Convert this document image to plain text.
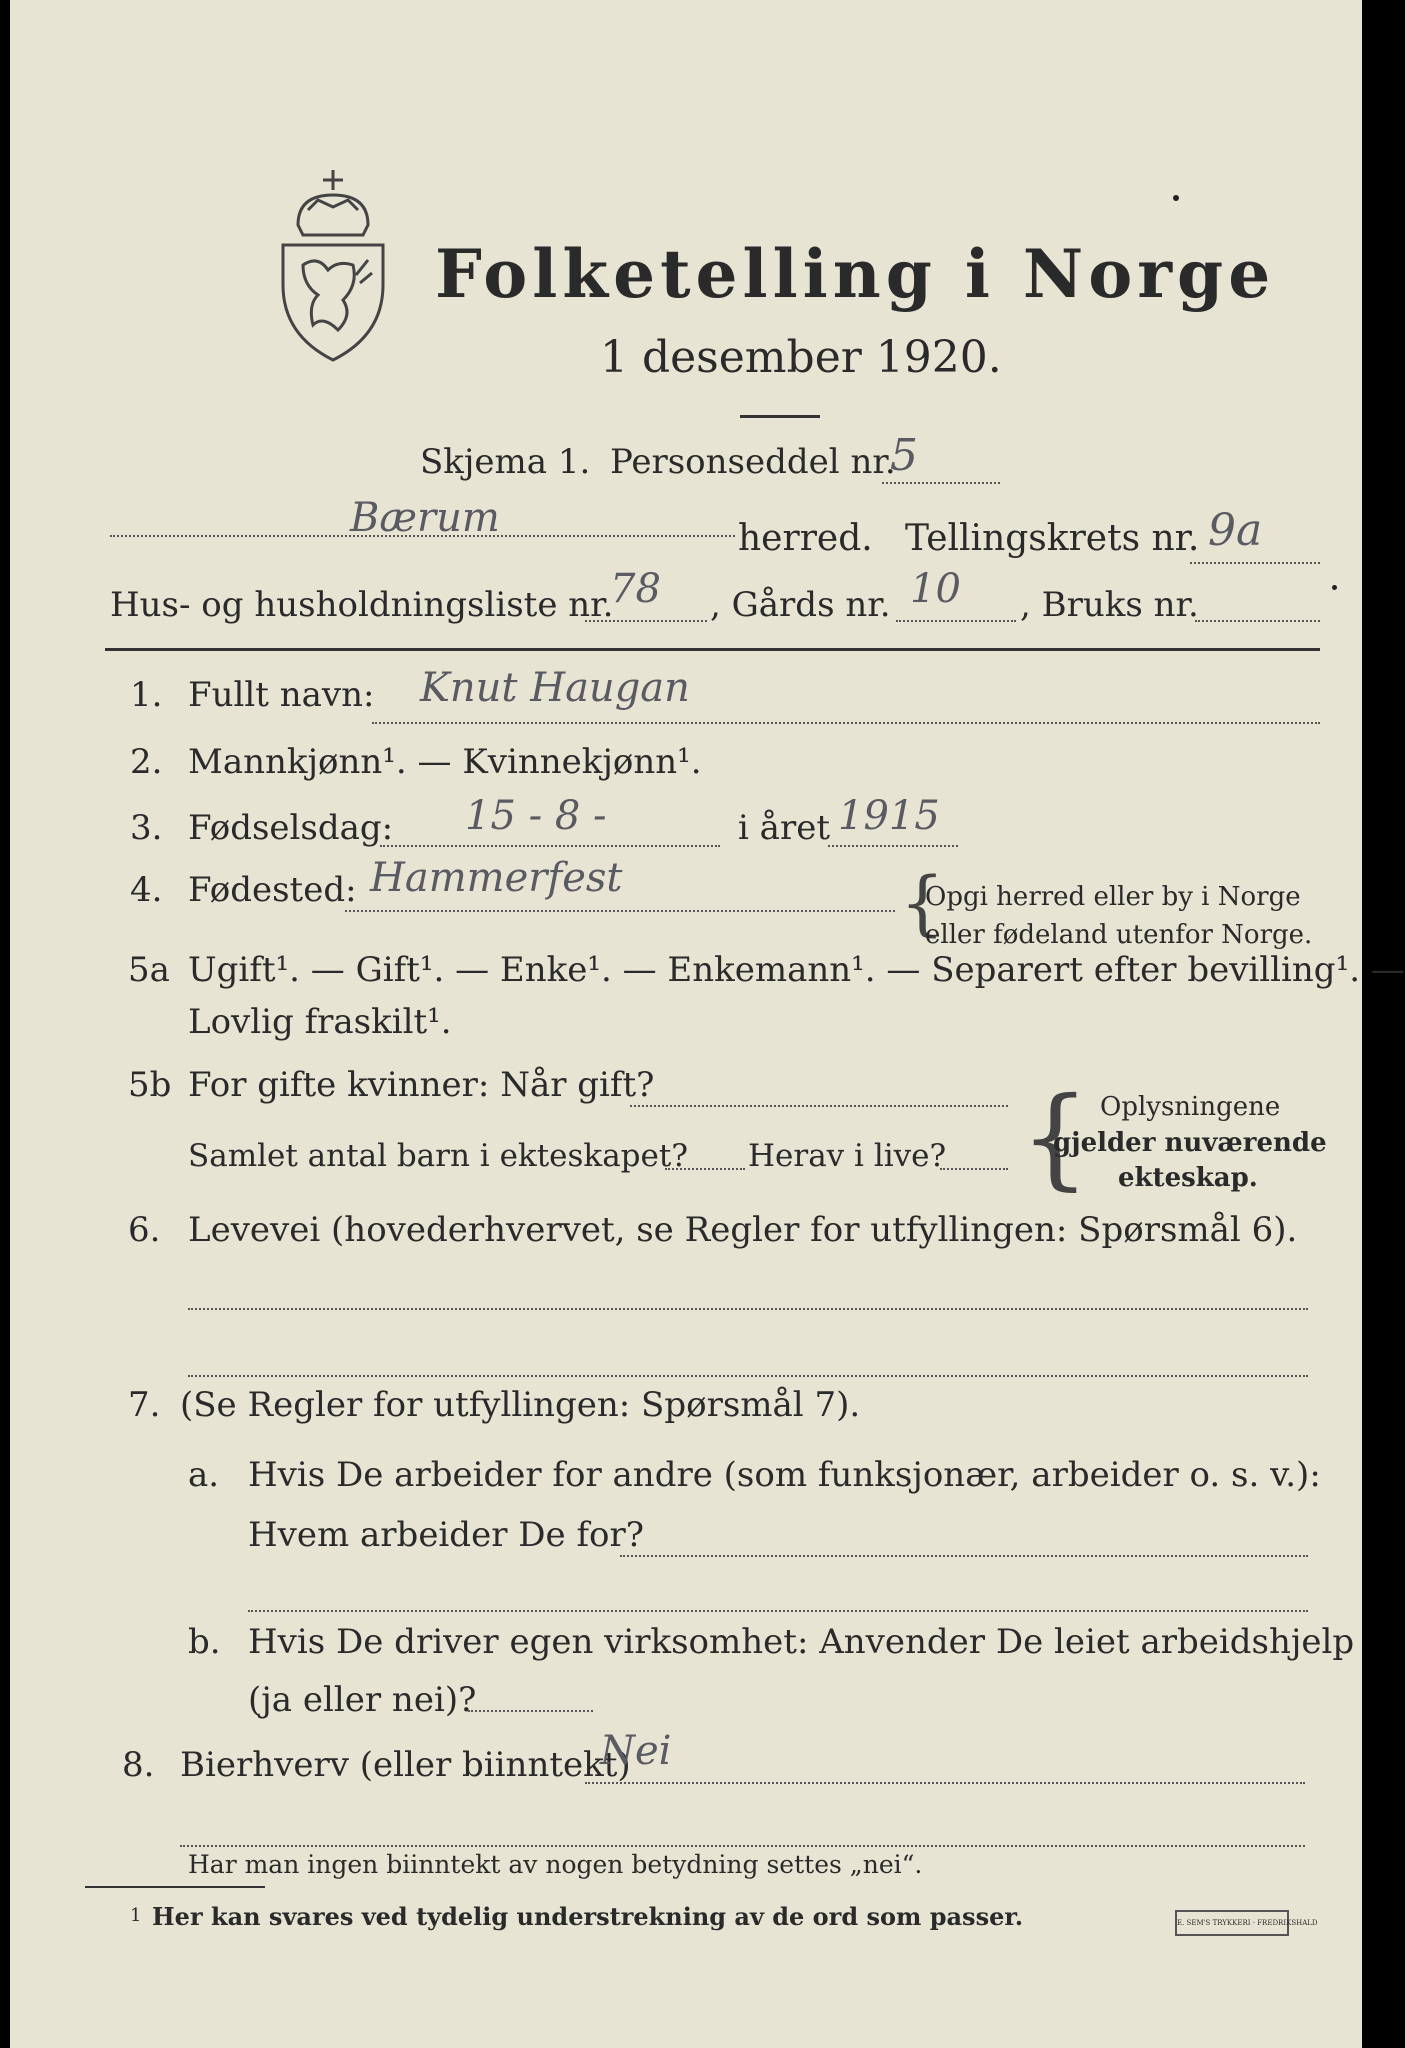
Folketelling i Norge
1 desember 1920.
Skjema 1. Personseddel nr.
5
Bærum	herred. Tellingskrets nr. 9a
Hus- og husholdningsliste nr.
78 , Gårds nr. 10 , Bruks nr.
1. Fullt navn: Knut Haugan
2. Mannkjønn¹. — Kvinnekjønn¹.
3. Fødselsdag: 15 - 8 -	i året 1915
4. Fødested: Hammerfest	{
Opgi herred eller by i Norge
eller fødeland utenfor Norge.
5a Ugift¹. — Gift¹. — Enke¹. — Enkemann¹. — Separert efter bevilling¹. —
Lovlig fraskilt¹.
5b For gifte kvinner: Når gift?
Samlet antal barn i ekteskapet? Herav i live? { Oplysningene
gjelder nuværende
ekteskap.
6. Levevei (hovederhvervet, se Regler for utfyllingen: Spørsmål 6).
7. (Se Regler for utfyllingen: Spørsmål 7).
a. Hvis De arbeider for andre (som funksjonær, arbeider o. s. v.):
Hvem arbeider De for?
b. Hvis De driver egen virksomhet: Anvender De leiet arbeidshjelp
(ja eller nei)?
8. Bierhverv (eller biinntekt)
Nei
Har man ingen biinntekt av nogen betydning settes „nei“.
1 Her kan svares ved tydelig understrekning av de ord som passer.	E. SEM'S TRYKKERI · FREDRIKSHALD
